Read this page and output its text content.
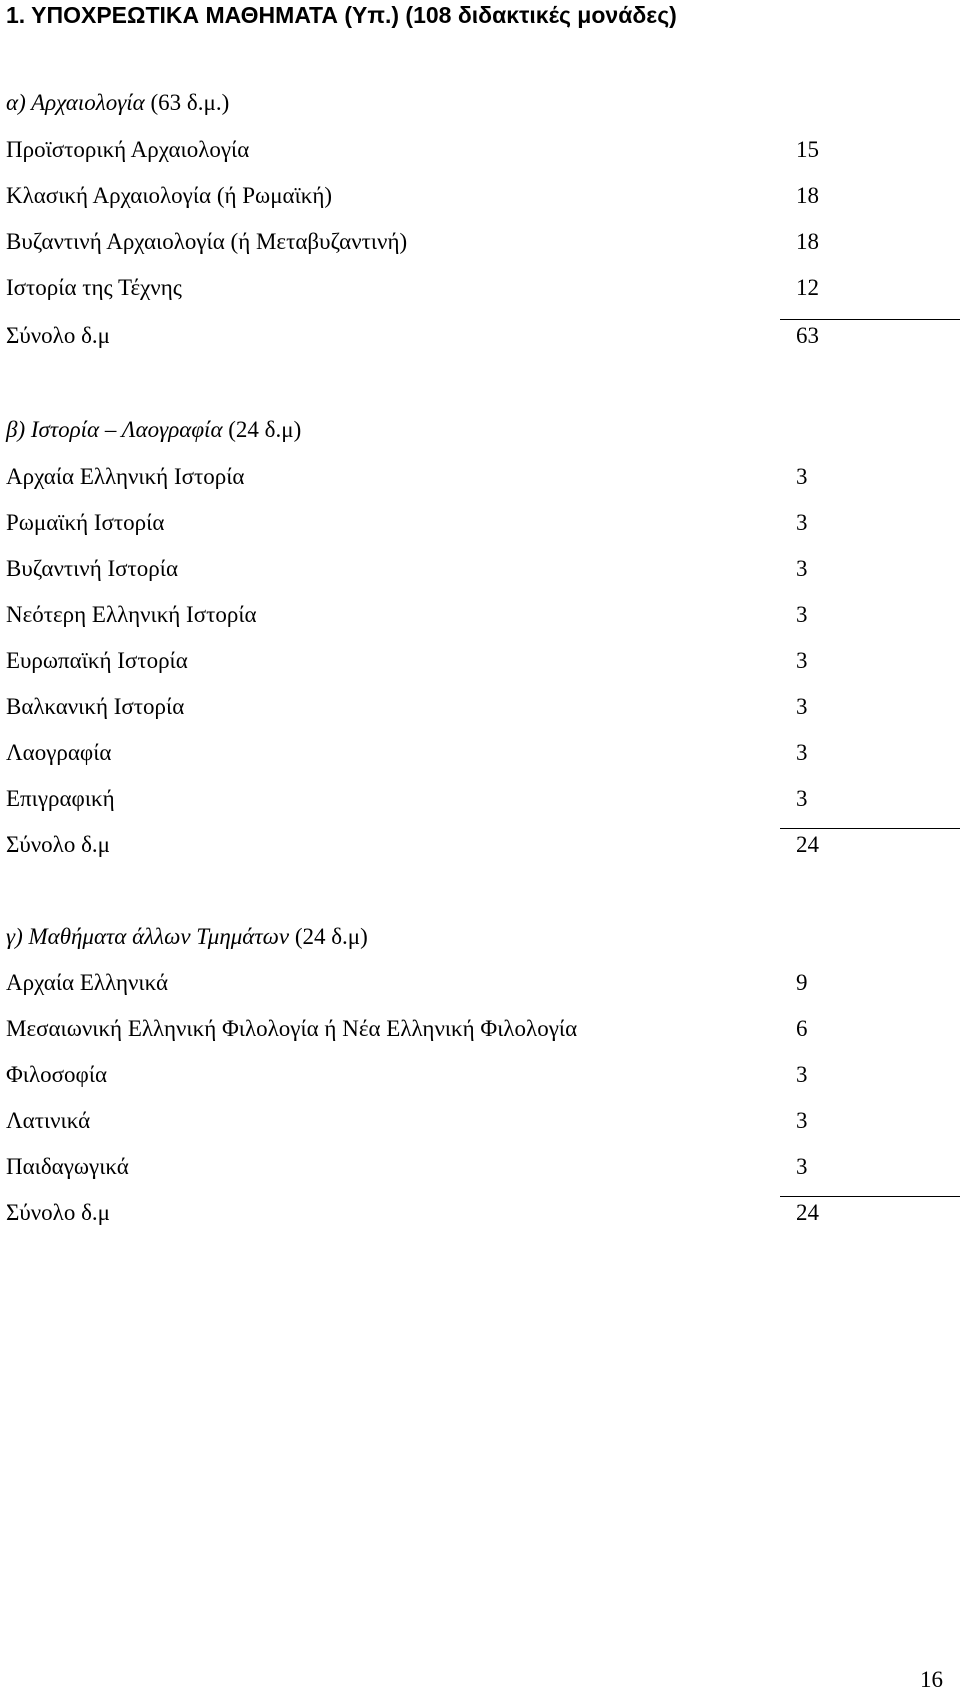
1. ΥΠΟΧΡΕΩΤΙΚΑ ΜΑΘΗΜΑΤΑ (Υπ.) (108 διδακτικές μονάδες)
α) Αρχαιολογία (63 δ.μ.)
Προϊστορική Αρχαιολογία	15
Κλασική Αρχαιολογία (ή Ρωμαϊκή)	18
Βυζαντινή Αρχαιολογία (ή Μεταβυζαντινή)	18
Ιστορία της Τέχνης	12
Σύνολο δ.μ	63
β) Ιστορία – Λαογραφία (24 δ.μ)
Αρχαία Ελληνική Ιστορία	3
Ρωμαϊκή Ιστορία	3
Βυζαντινή Ιστορία	3
Νεότερη Ελληνική Ιστορία	3
Ευρωπαϊκή Ιστορία	3
Βαλκανική Ιστορία	3
Λαογραφία	3
Επιγραφική	3
Σύνολο δ.μ	24
γ) Μαθήματα άλλων Τμημάτων (24 δ.μ)
Αρχαία Ελληνικά	9
Μεσαιωνική Ελληνική Φιλολογία ή Νέα Ελληνική Φιλολογία	6
Φιλοσοφία	3
Λατινικά	3
Παιδαγωγικά	3
Σύνολο δ.μ	24
16
